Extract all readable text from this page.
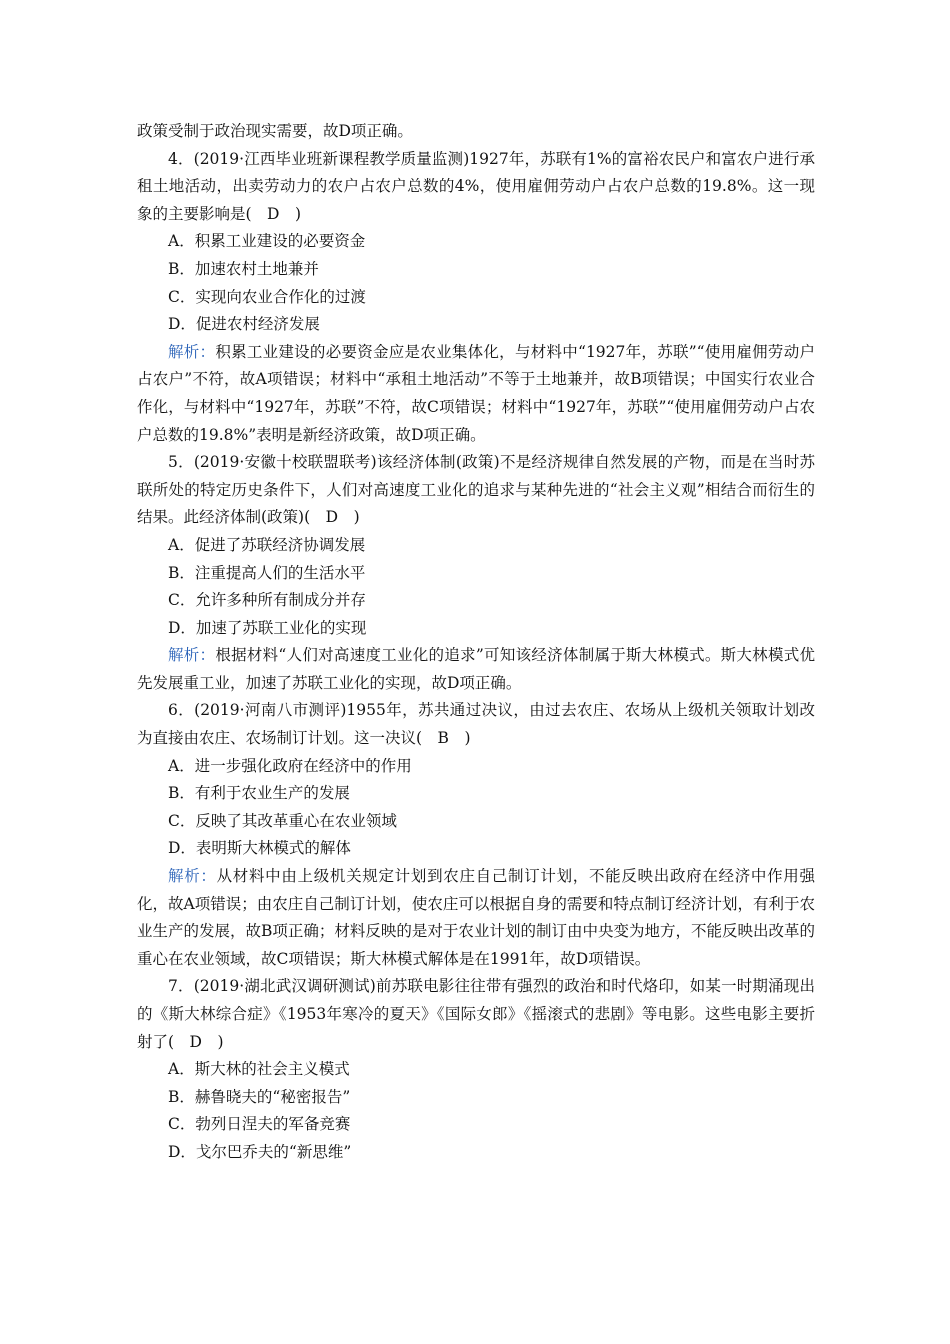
政策受制于政治现实需要，故D项正确。

4．(2019·江西毕业班新课程教学质量监测)1927年，苏联有1%的富裕农民户和富农户进行承租土地活动，出卖劳动力的农户占农户总数的4%，使用雇佣劳动户占农户总数的19.8%。这一现象的主要影响是(　D　)

A．积累工业建设的必要资金

B．加速农村土地兼并

C．实现向农业合作化的过渡

D．促进农村经济发展

解析：积累工业建设的必要资金应是农业集体化，与材料中“1927年，苏联”“使用雇佣劳动户占农户”不符，故A项错误；材料中“承租土地活动”不等于土地兼并，故B项错误；中国实行农业合作化，与材料中“1927年，苏联”不符，故C项错误；材料中“1927年，苏联”“使用雇佣劳动户占农户总数的19.8%”表明是新经济政策，故D项正确。

5．(2019·安徽十校联盟联考)该经济体制(政策)不是经济规律自然发展的产物，而是在当时苏联所处的特定历史条件下，人们对高速度工业化的追求与某种先进的“社会主义观”相结合而衍生的结果。此经济体制(政策)(　D　)

A．促进了苏联经济协调发展

B．注重提高人们的生活水平

C．允许多种所有制成分并存

D．加速了苏联工业化的实现

解析：根据材料“人们对高速度工业化的追求”可知该经济体制属于斯大林模式。斯大林模式优先发展重工业，加速了苏联工业化的实现，故D项正确。

6．(2019·河南八市测评)1955年，苏共通过决议，由过去农庄、农场从上级机关领取计划改为直接由农庄、农场制订计划。这一决议(　B　)

A．进一步强化政府在经济中的作用

B．有利于农业生产的发展

C．反映了其改革重心在农业领域

D．表明斯大林模式的解体

解析：从材料中由上级机关规定计划到农庄自己制订计划，不能反映出政府在经济中作用强化，故A项错误；由农庄自己制订计划，使农庄可以根据自身的需要和特点制订经济计划，有利于农业生产的发展，故B项正确；材料反映的是对于农业计划的制订由中央变为地方，不能反映出改革的重心在农业领域，故C项错误；斯大林模式解体是在1991年，故D项错误。

7．(2019·湖北武汉调研测试)前苏联电影往往带有强烈的政治和时代烙印，如某一时期涌现出的《斯大林综合症》《1953年寒冷的夏天》《国际女郎》《摇滚式的悲剧》等电影。这些电影主要折射了(　D　)

A．斯大林的社会主义模式

B．赫鲁晓夫的“秘密报告”

C．勃列日涅夫的军备竞赛

D．戈尔巴乔夫的“新思维”
